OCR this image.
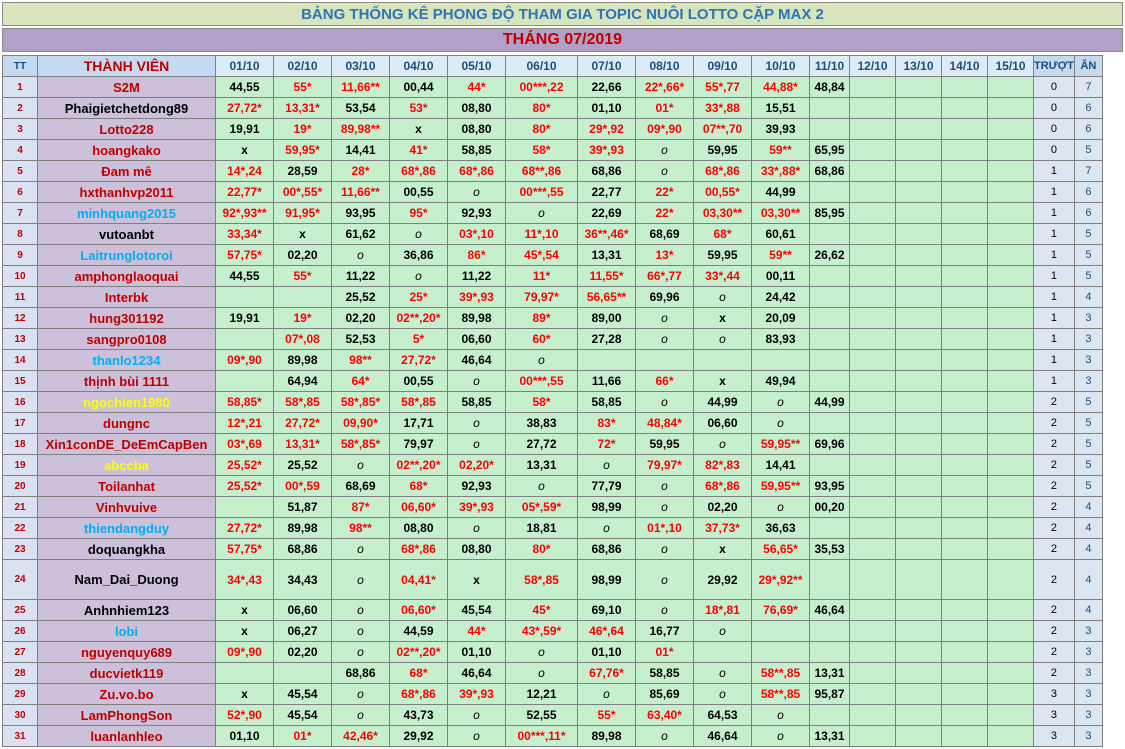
BẢNG THỐNG KÊ PHONG ĐỘ THAM GIA TOPIC NUÔI LOTTO CẶP MAX 2
THÁNG 07/2019
TT	THÀNH VIÊN	01/10	02/10	03/10	04/10	05/10	06/10	07/10	08/10	09/10	10/10	11/10	12/10	13/10	14/10	15/10	TRƯỢT	ĂN
1	S2M	44,55	55*	11,66**	00,44	44*	00***,22	22,66	22*,66*	55*,77	44,88*	48,84					0	7
2	Phaigietchetdong89	27,72*	13,31*	53,54	53*	08,80	80*	01,10	01*	33*,88	15,51						0	6
3	Lotto228	19,91	19*	89,98**	x	08,80	80*	29*,92	09*,90	07**,70	39,93						0	6
4	hoangkako	x	59,95*	14,41	41*	58,85	58*	39*,93	o	59,95	59**	65,95					0	5
5	Đam mê	14*,24	28,59	28*	68*,86	68*,86	68**,86	68,86	o	68*,86	33*,88*	68,86					1	7
6	hxthanhvp2011	22,77*	00*,55*	11,66**	00,55	o	00***,55	22,77	22*	00,55*	44,99						1	6
7	minhquang2015	92*,93**	91,95*	93,95	95*	92,93	o	22,69	22*	03,30**	03,30**	85,95					1	6
8	vutoanbt	33,34*	x	61,62	o	03*,10	11*,10	36**,46*	68,69	68*	60,61						1	5
9	Laitrunglotoroi	57,75*	02,20	o	36,86	86*	45*,54	13,31	13*	59,95	59**	26,62					1	5
10	amphonglaoquai	44,55	55*	11,22	o	11,22	11*	11,55*	66*,77	33*,44	00,11						1	5
11	Interbk			25,52	25*	39*,93	79,97*	56,65**	69,96	o	24,42						1	4
12	hung301192	19,91	19*	02,20	02**,20*	89,98	89*	89,00	o	x	20,09						1	3
13	sangpro0108		07*,08	52,53	5*	06,60	60*	27,28	o	o	83,93						1	3
14	thanlo1234	09*,90	89,98	98**	27,72*	46,64	o										1	3
15	thịnh bùi 1111		64,94	64*	00,55	o	00***,55	11,66	66*	x	49,94						1	3
16	ngochien1980	58,85*	58*,85	58*,85*	58*,85	58,85	58*	58,85	o	44,99	o	44,99					2	5
17	dungnc	12*,21	27,72*	09,90*	17,71	o	38,83	83*	48,84*	06,60	o						2	5
18	Xin1conDE_DeEmCapBen	03*,69	13,31*	58*,85*	79,97	o	27,72	72*	59,95	o	59,95**	69,96					2	5
19	abccba	25,52*	25,52	o	02**,20*	02,20*	13,31	o	79,97*	82*,83	14,41						2	5
20	Toilanhat	25,52*	00*,59	68,69	68*	92,93	o	77,79	o	68*,86	59,95**	93,95					2	5
21	Vinhvuive		51,87	87*	06,60*	39*,93	05*,59*	98,99	o	02,20	o	00,20					2	4
22	thiendangduy	27,72*	89,98	98**	08,80	o	18,81	o	01*,10	37,73*	36,63						2	4
23	doquangkha	57,75*	68,86	o	68*,86	08,80	80*	68,86	o	x	56,65*	35,53					2	4
24	Nam_Dai_Duong	34*,43	34,43	o	04,41*	x	58*,85	98,99	o	29,92	29*,92**						2	4
25	Anhnhiem123	x	06,60	o	06,60*	45,54	45*	69,10	o	18*,81	76,69*	46,64					2	4
26	lobi	x	06,27	o	44,59	44*	43*,59*	46*,64	16,77	o							2	3
27	nguyenquy689	09*,90	02,20	o	02**,20*	01,10	o	01,10	01*								2	3
28	ducvietk119			68,86	68*	46,64	o	67,76*	58,85	o	58**,85	13,31					2	3
29	Zu.vo.bo	x	45,54	o	68*,86	39*,93	12,21	o	85,69	o	58**,85	95,87					3	3
30	LamPhongSon	52*,90	45,54	o	43,73	o	52,55	55*	63,40*	64,53	o						3	3
31	luanlanhleo	01,10	01*	42,46*	29,92	o	00***,11*	89,98	o	46,64	o	13,31					3	3
